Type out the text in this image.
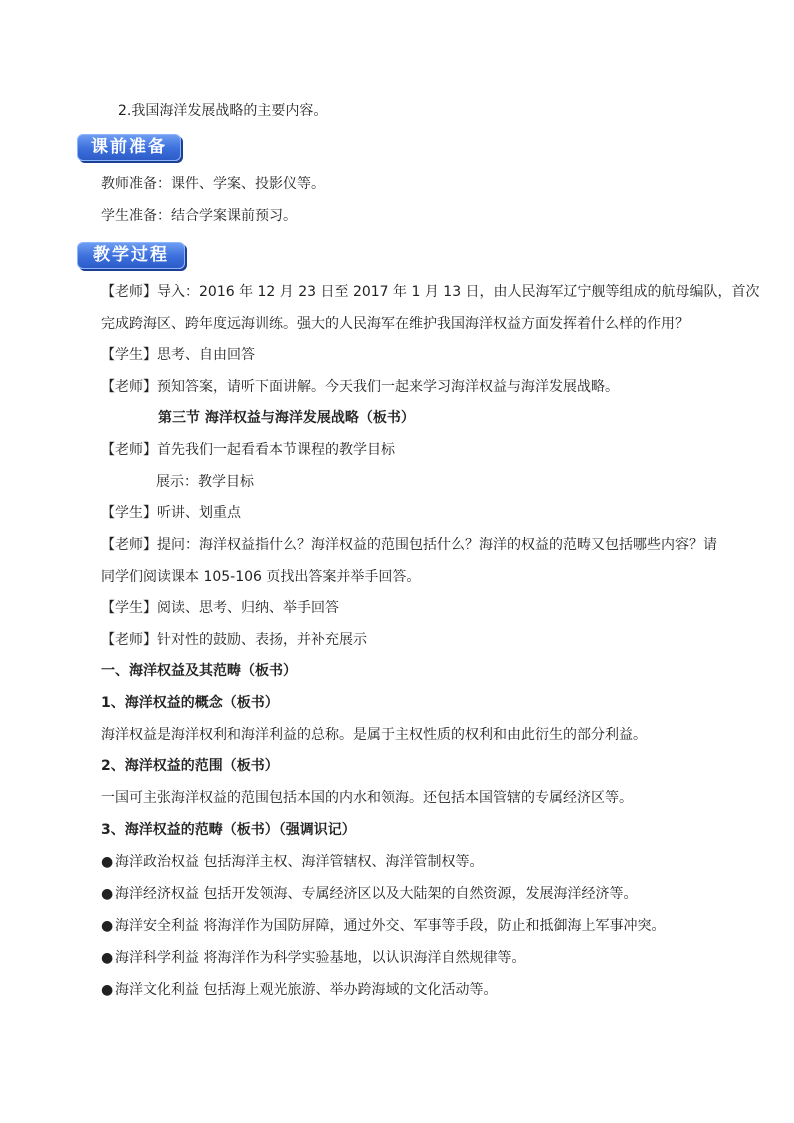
2.我国海洋发展战略的主要内容。
课前准备
教师准备：课件、学案、投影仪等。
学生准备：结合学案课前预习。
教学过程
【老师】导入：2016 年 12 月 23 日至 2017 年 1 月 13 日，由人民海军辽宁舰等组成的航母编队，首次
完成跨海区、跨年度远海训练。强大的人民海军在维护我国海洋权益方面发挥着什么样的作用？
【学生】思考、自由回答
【老师】预知答案，请听下面讲解。今天我们一起来学习海洋权益与海洋发展战略。
第三节 海洋权益与海洋发展战略（板书）
【老师】首先我们一起看看本节课程的教学目标
展示：教学目标
【学生】听讲、划重点
【老师】提问：海洋权益指什么？海洋权益的范围包括什么？海洋的权益的范畴又包括哪些内容？请
同学们阅读课本 105-106 页找出答案并举手回答。
【学生】阅读、思考、归纳、举手回答
【老师】针对性的鼓励、表扬，并补充展示
一、海洋权益及其范畴（板书）
1、海洋权益的概念（板书）
海洋权益是海洋权利和海洋利益的总称。是属于主权性质的权利和由此衍生的部分利益。
2、海洋权益的范围（板书）
一国可主张海洋权益的范围包括本国的内水和领海。还包括本国管辖的专属经济区等。
3、海洋权益的范畴（板书）（强调识记）
● 海洋政治权益 包括海洋主权、海洋管辖权、海洋管制权等。
● 海洋经济权益 包括开发领海、专属经济区以及大陆架的自然资源，发展海洋经济等。
● 海洋安全利益 将海洋作为国防屏障，通过外交、军事等手段，防止和抵御海上军事冲突。
● 海洋科学利益 将海洋作为科学实验基地，以认识海洋自然规律等。
● 海洋文化利益 包括海上观光旅游、举办跨海域的文化活动等。
